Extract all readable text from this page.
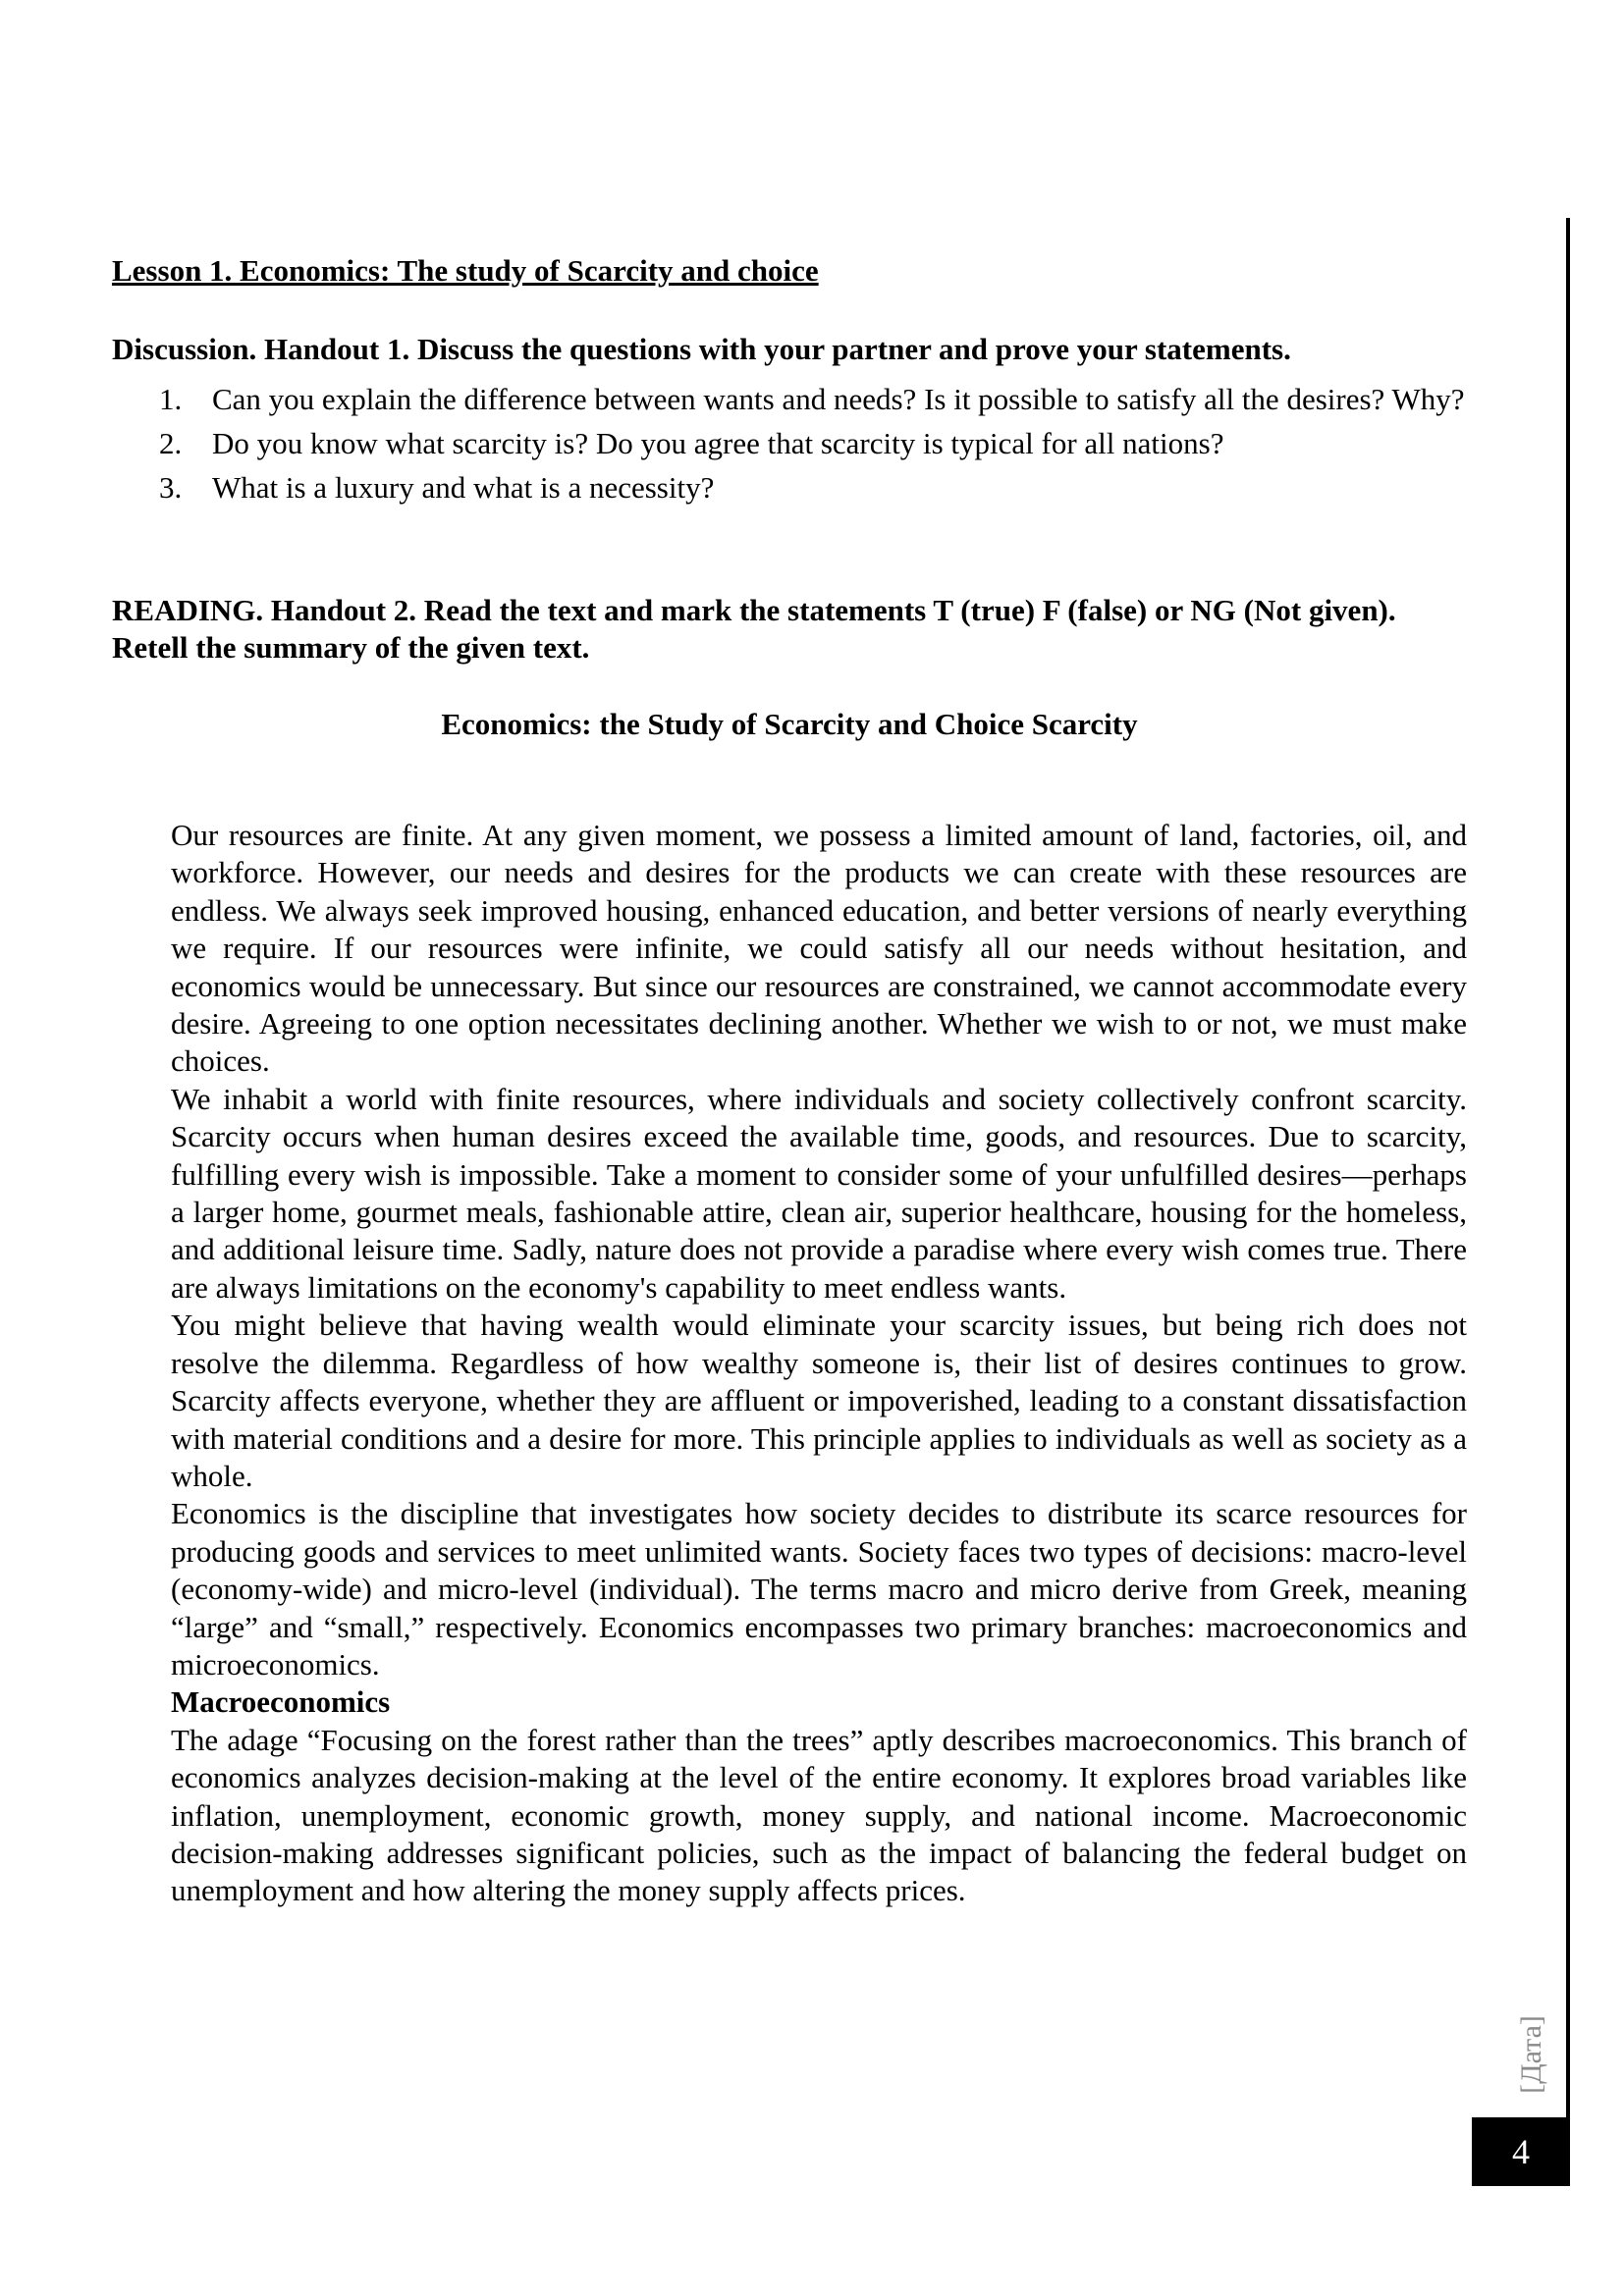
Lesson 1. Economics: The study of Scarcity and choice
Discussion. Handout 1. Discuss the questions with your partner and prove your statements.
1. Can you explain the difference between wants and needs? Is it possible to satisfy all the desires? Why?
2. Do you know what scarcity is? Do you agree that scarcity is typical for all nations?
3. What is a luxury and what is a necessity?
READING. Handout 2. Read the text and mark the statements T (true) F (false) or NG (Not given). Retell the summary of the given text.
Economics: the Study of Scarcity and Choice Scarcity

Our resources are finite. At any given moment, we possess a limited amount of land, factories, oil, and workforce. However, our needs and desires for the products we can create with these resources are endless. We always seek improved housing, enhanced education, and better versions of nearly everything we require. If our resources were infinite, we could satisfy all our needs without hesitation, and economics would be unnecessary. But since our resources are constrained, we cannot accommodate every desire. Agreeing to one option necessitates declining another. Whether we wish to or not, we must make choices.

We inhabit a world with finite resources, where individuals and society collectively confront scarcity. Scarcity occurs when human desires exceed the available time, goods, and resources. Due to scarcity, fulfilling every wish is impossible. Take a moment to consider some of your unfulfilled desires—perhaps a larger home, gourmet meals, fashionable attire, clean air, superior healthcare, housing for the homeless, and additional leisure time. Sadly, nature does not provide a paradise where every wish comes true. There are always limitations on the economy's capability to meet endless wants.

You might believe that having wealth would eliminate your scarcity issues, but being rich does not resolve the dilemma. Regardless of how wealthy someone is, their list of desires continues to grow. Scarcity affects everyone, whether they are affluent or impoverished, leading to a constant dissatisfaction with material conditions and a desire for more. This principle applies to individuals as well as society as a whole.

Economics is the discipline that investigates how society decides to distribute its scarce resources for producing goods and services to meet unlimited wants. Society faces two types of decisions: macro-level (economy-wide) and micro-level (individual). The terms macro and micro derive from Greek, meaning “large” and “small,” respectively. Economics encompasses two primary branches: macroeconomics and microeconomics.

Macroeconomics

The adage “Focusing on the forest rather than the trees” aptly describes macroeconomics. This branch of economics analyzes decision-making at the level of the entire economy. It explores broad variables like inflation, unemployment, economic growth, money supply, and national income. Macroeconomic decision-making addresses significant policies, such as the impact of balancing the federal budget on unemployment and how altering the money supply affects prices.

[Дата]
4
